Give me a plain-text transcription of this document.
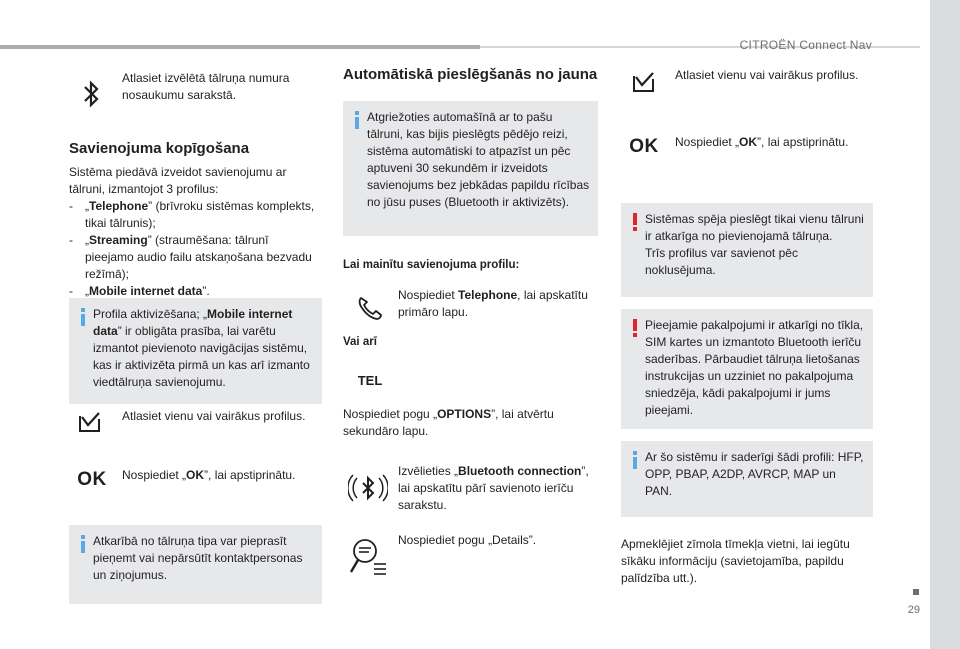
CITROËN Connect Nav
29
Atlasiet izvēlētā tālruņa numura nosaukumu sarakstā.
Savienojuma kopīgošana
Sistēma piedāvā izveidot savienojumu ar tālruni, izmantojot 3 profilus:
- „Telephone” (brīvroku sistēmas komplekts, tikai tālrunis);
- „Streaming” (straumēšana: tālrunī pieejamo audio failu atskaņošana bezvadu režīmā);
- „Mobile internet data”.
Profila aktivizēšana; „Mobile internet data” ir obligāta prasība, lai varētu izmantot pievienoto navigācijas sistēmu, kas ir aktivizēta pirmā un kas arī izmanto viedtālruņa savienojumu.
Atlasiet vienu vai vairākus profilus.
OK	Nospiediet „OK”, lai apstiprinātu.
Atkarībā no tālruņa tipa var pieprasīt pieņemt vai nepārsūtīt kontaktpersonas un ziņojumus.
Automātiskā pieslēgšanās no jauna
Atgriežoties automašīnā ar to pašu tālruni, kas bijis pieslēgts pēdējo reizi, sistēma automātiski to atpazīst un pēc aptuveni 30 sekundēm ir izveidots savienojums bez jebkādas papildu rīcības no jūsu puses (Bluetooth ir aktivizēts).
Lai mainītu savienojuma profilu:
Nospiediet Telephone, lai apskatītu primāro lapu.
Vai arī
TEL
Nospiediet pogu „OPTIONS”, lai atvērtu sekundāro lapu.
Izvēlieties „Bluetooth connection”, lai apskatītu pārī savienoto ierīču sarakstu.
Nospiediet pogu „Details”.
Atlasiet vienu vai vairākus profilus.
OK	Nospiediet „OK”, lai apstiprinātu.
Sistēmas spēja pieslēgt tikai vienu tālruni ir atkarīga no pievienojamā tālruņa.
Trīs profilus var savienot pēc noklusējuma.
Pieejamie pakalpojumi ir atkarīgi no tīkla, SIM kartes un izmantoto Bluetooth ierīču saderības. Pārbaudiet tālruņa lietošanas instrukcijas un uzziniet no pakalpojuma sniedzēja, kādi pakalpojumi ir jums pieejami.
Ar šo sistēmu ir saderīgi šādi profili: HFP, OPP, PBAP, A2DP, AVRCP, MAP un PAN.
Apmeklējiet zīmola tīmekļa vietni, lai iegūtu sīkāku informāciju (savietojamība, papildu palīdzība utt.).
